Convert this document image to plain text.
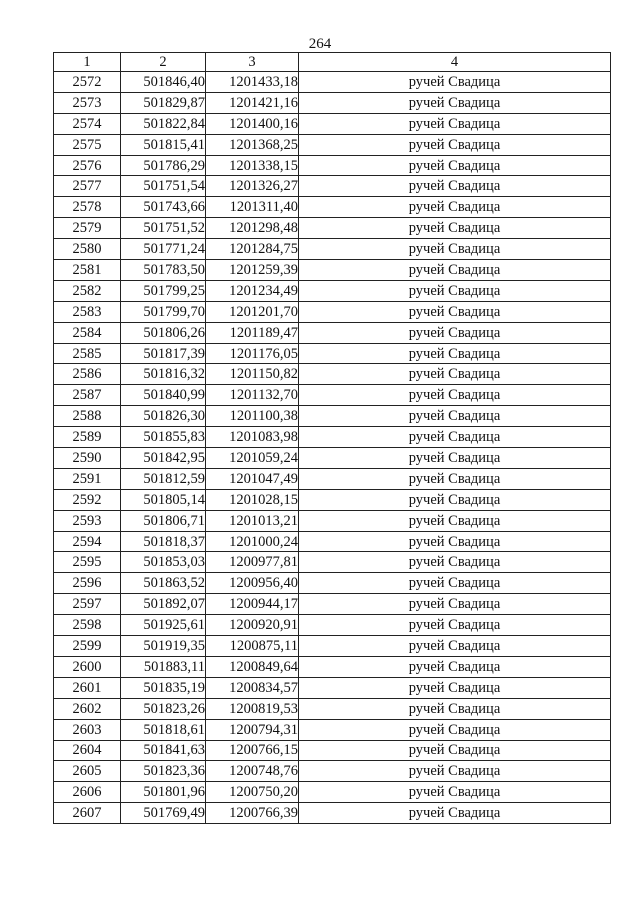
264
1	2	3	4
2572	501846,40	1201433,18	ручей Свадица
2573	501829,87	1201421,16	ручей Свадица
2574	501822,84	1201400,16	ручей Свадица
2575	501815,41	1201368,25	ручей Свадица
2576	501786,29	1201338,15	ручей Свадица
2577	501751,54	1201326,27	ручей Свадица
2578	501743,66	1201311,40	ручей Свадица
2579	501751,52	1201298,48	ручей Свадица
2580	501771,24	1201284,75	ручей Свадица
2581	501783,50	1201259,39	ручей Свадица
2582	501799,25	1201234,49	ручей Свадица
2583	501799,70	1201201,70	ручей Свадица
2584	501806,26	1201189,47	ручей Свадица
2585	501817,39	1201176,05	ручей Свадица
2586	501816,32	1201150,82	ручей Свадица
2587	501840,99	1201132,70	ручей Свадица
2588	501826,30	1201100,38	ручей Свадица
2589	501855,83	1201083,98	ручей Свадица
2590	501842,95	1201059,24	ручей Свадица
2591	501812,59	1201047,49	ручей Свадица
2592	501805,14	1201028,15	ручей Свадица
2593	501806,71	1201013,21	ручей Свадица
2594	501818,37	1201000,24	ручей Свадица
2595	501853,03	1200977,81	ручей Свадица
2596	501863,52	1200956,40	ручей Свадица
2597	501892,07	1200944,17	ручей Свадица
2598	501925,61	1200920,91	ручей Свадица
2599	501919,35	1200875,11	ручей Свадица
2600	501883,11	1200849,64	ручей Свадица
2601	501835,19	1200834,57	ручей Свадица
2602	501823,26	1200819,53	ручей Свадица
2603	501818,61	1200794,31	ручей Свадица
2604	501841,63	1200766,15	ручей Свадица
2605	501823,36	1200748,76	ручей Свадица
2606	501801,96	1200750,20	ручей Свадица
2607	501769,49	1200766,39	ручей Свадица
